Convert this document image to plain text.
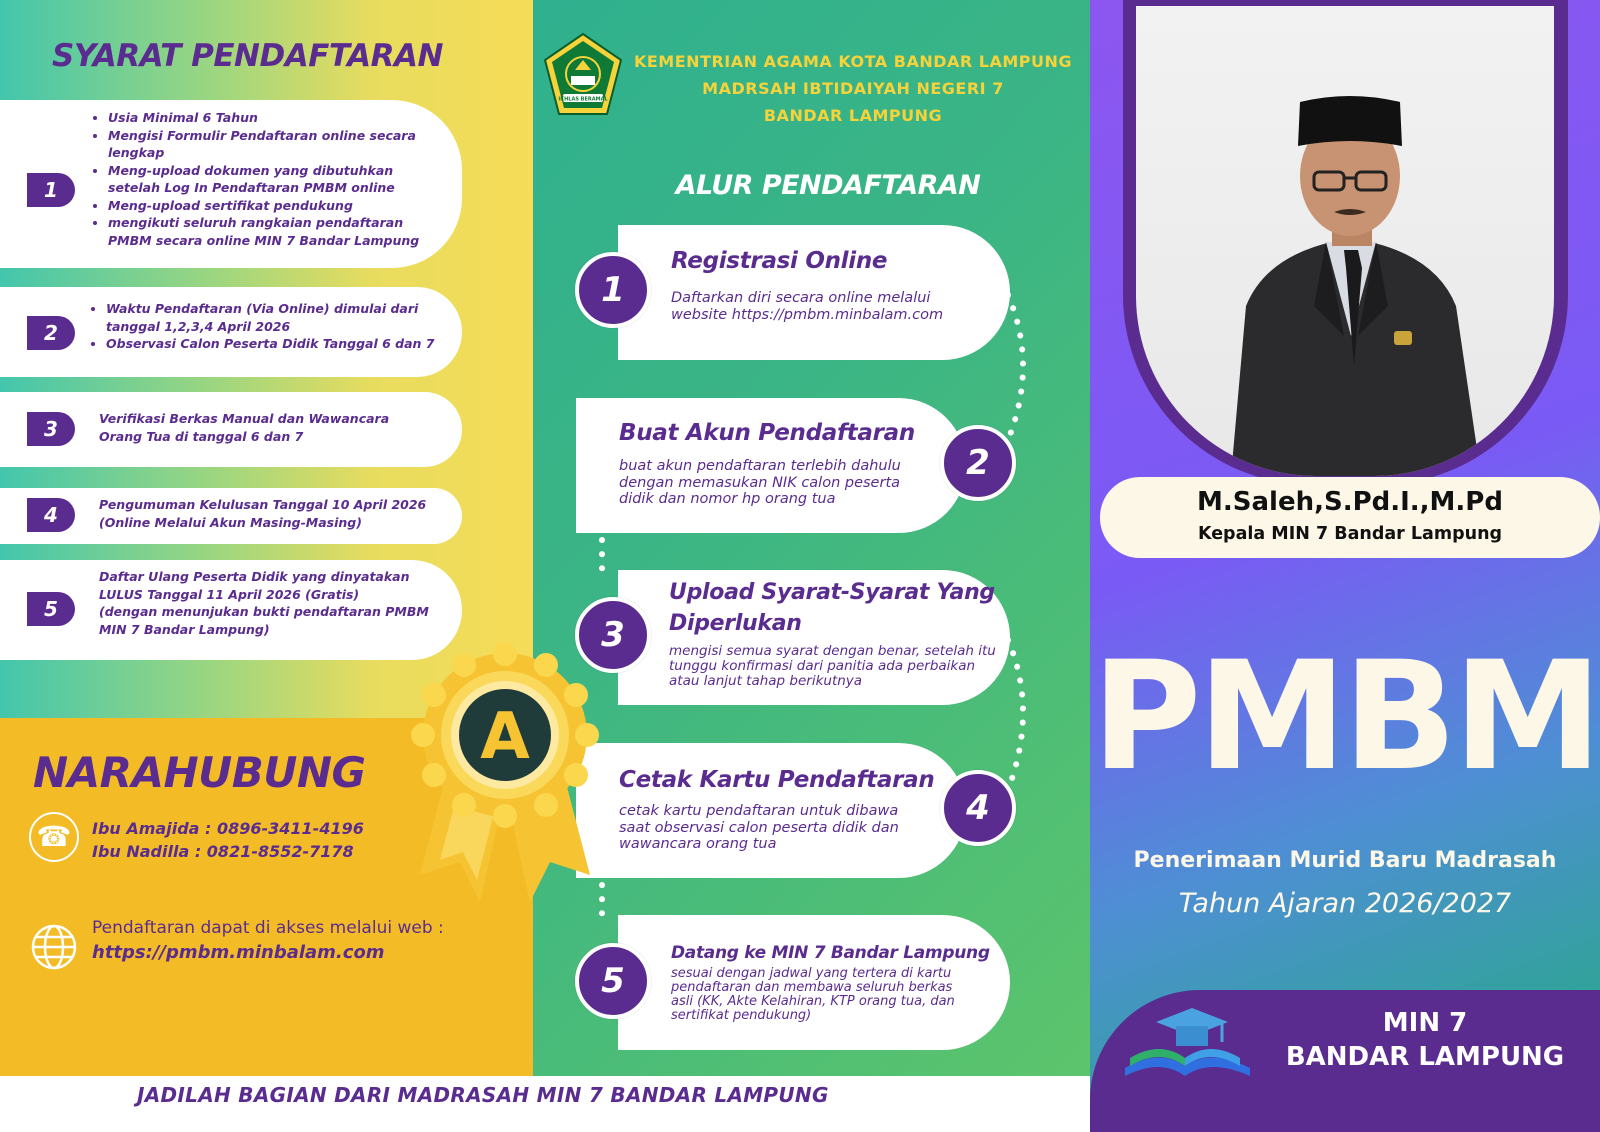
SYARAT PENDAFTARAN
1
• Usia Minimal 6 Tahun
• Mengisi Formulir Pendaftaran online secara lengkap
• Meng-upload dokumen yang dibutuhkan setelah Log In Pendaftaran PMBM online
• Meng-upload sertifikat pendukung
• mengikuti seluruh rangkaian pendaftaran PMBM secara online MIN 7 Bandar Lampung
2
• Waktu Pendaftaran (Via Online) dimulai dari tanggal 1,2,3,4 April 2026
• Observasi Calon Peserta Didik Tanggal 6 dan 7
3	Verifikasi Berkas Manual dan Wawancara
Orang Tua di tanggal 6 dan 7
4	Pengumuman Kelulusan Tanggal 10 April 2026
(Online Melalui Akun Masing-Masing)
5
Daftar Ulang Peserta Didik yang dinyatakan
LULUS Tanggal 11 April 2026 (Gratis)
(dengan menunjukan bukti pendaftaran PMBM
MIN 7 Bandar Lampung)
NARAHUBUNG
☎	Ibu Amajida : 0896-3411-4196
Ibu Nadilla : 0821-8552-7178
Pendaftaran dapat di akses melalui web :
https://pmbm.minbalam.com
IKHLAS BERAMAL
KEMENTRIAN AGAMA KOTA BANDAR LAMPUNG
MADRSAH IBTIDAIYAH NEGERI 7
BANDAR LAMPUNG
ALUR PENDAFTARAN
1
Registrasi Online
Daftarkan diri secara online melalui
website https://pmbm.minbalam.com
2
Buat Akun Pendaftaran
buat akun pendaftaran terlebih dahulu
dengan memasukan NIK calon peserta
didik dan nomor hp orang tua
3
Upload Syarat-Syarat Yang
Diperlukan
mengisi semua syarat dengan benar, setelah itu
tunggu konfirmasi dari panitia ada perbaikan
atau lanjut tahap berikutnya
4
Cetak Kartu Pendaftaran
cetak kartu pendaftaran untuk dibawa
saat observasi calon peserta didik dan
wawancara orang tua
5
Datang ke MIN 7 Bandar Lampung
sesuai dengan jadwal yang tertera di kartu
pendaftaran dan membawa seluruh berkas
asli (KK, Akte Kelahiran, KTP orang tua, dan
sertifikat pendukung)
A
JADILAH BAGIAN DARI MADRASAH MIN 7 BANDAR LAMPUNG
M.Saleh,S.Pd.I.,M.Pd
Kepala MIN 7 Bandar Lampung
PMBM
Penerimaan Murid Baru Madrasah
Tahun Ajaran 2026/2027
MIN 7
BANDAR LAMPUNG
